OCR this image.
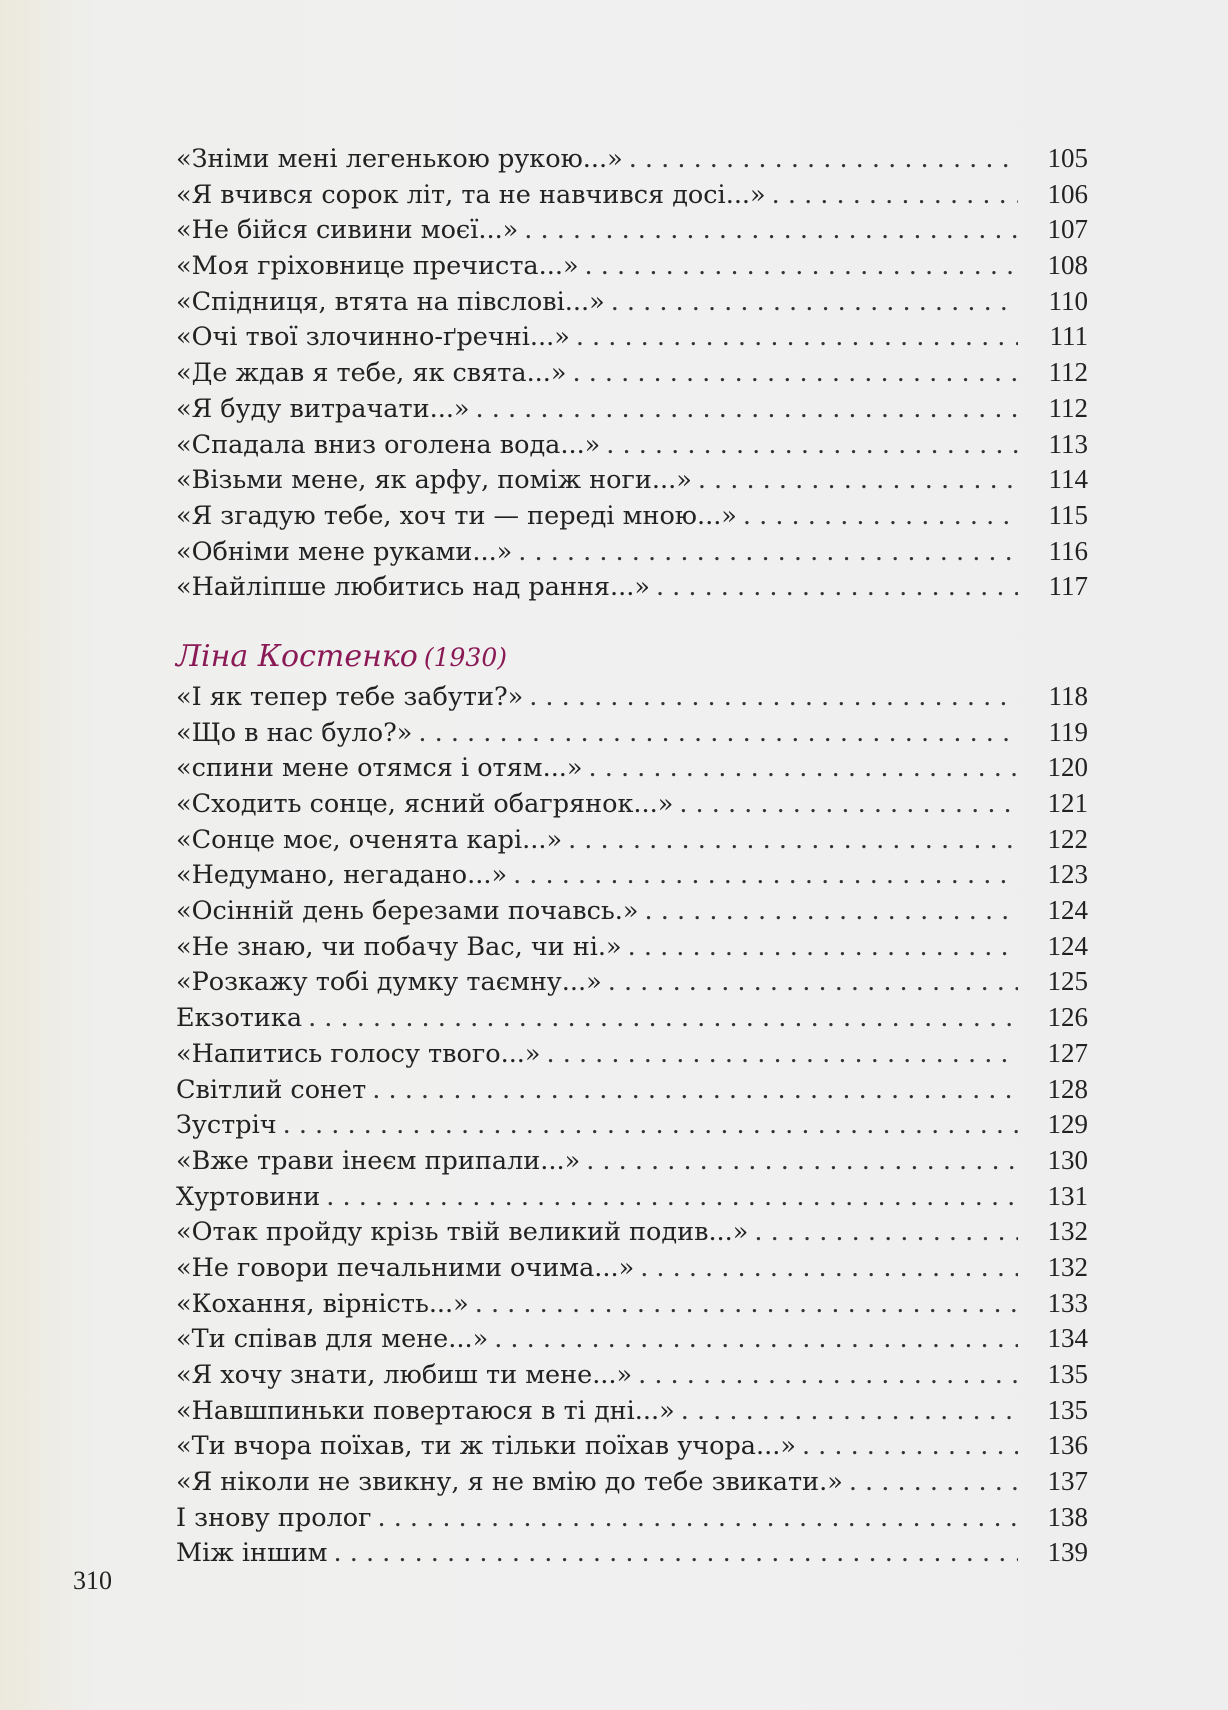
«Зніми мені легенькою рукою...» . . .	105
«Я вчився сорок літ, та не навчився досі...» . . .	106
«Не бійся сивини моєї...» . . .	107
«Моя гріховнице пречиста...» . . .	108
«Спідниця, втята на півслові...» . . .	110
«Очі твої злочинно-ґречні...» . . .	111
«Де ждав я тебе, як свята...» . . .	112
«Я буду витрачати...» . . .	112
«Спадала вниз оголена вода...» . . .	113
«Візьми мене, як арфу, поміж ноги...» . . .	114
«Я згадую тебе, хоч ти — переді мною...» . . .	115
«Обніми мене руками...» . . .	116
«Найліпше любитись над рання...» . . .	117
Ліна Костенко (1930)
«І як тепер тебе забути?» . . .	118
«Що в нас було?» . . .	119
«спини мене отямся і отям...» . . .	120
«Сходить сонце, ясний обагрянок...» . . .	121
«Сонце моє, оченята карі...» . . .	122
«Недумано, негадано...» . . .	123
«Осінній день березами почавсь.» . . .	124
«Не знаю, чи побачу Вас, чи ні.» . . .	124
«Розкажу тобі думку таємну...» . . .	125
Екзотика . . .	126
«Напитись голосу твого...» . . .	127
Світлий сонет . . .	128
Зустріч . . .	129
«Вже трави інеєм припали...» . . .	130
Хуртовини . . .	131
«Отак пройду крізь твій великий подив...» . . .	132
«Не говори печальними очима...» . . .	132
«Кохання, вірність...» . . .	133
«Ти співав для мене...» . . .	134
«Я хочу знати, любиш ти мене...» . . .	135
«Навшпиньки повертаюся в ті дні...» . . .	135
«Ти вчора поїхав, ти ж тільки поїхав учора...» . . .	136
«Я ніколи не звикну, я не вмію до тебе звикати.» . . .	137
І знову пролог . . .	138
Між іншим . . .	139
310
